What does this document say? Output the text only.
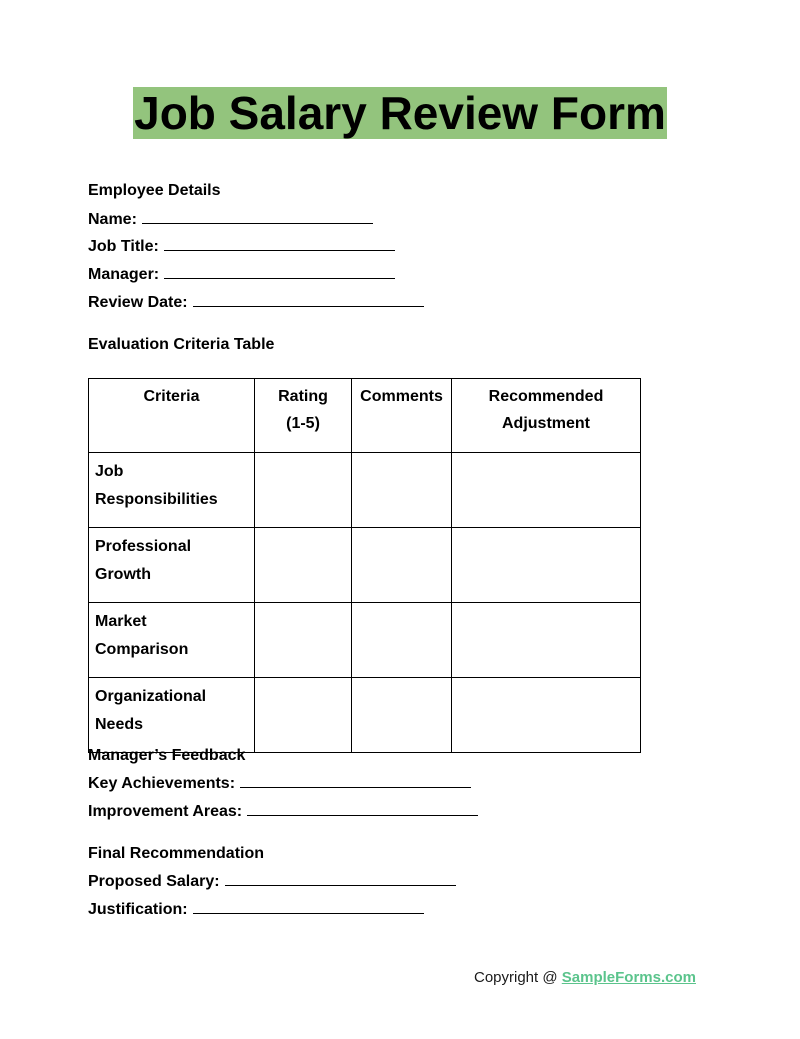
Job Salary Review Form
Employee Details
Name:
Job Title:
Manager:
Review Date:
Evaluation Criteria Table
Criteria	Rating (1-5)	Comments	Recommended Adjustment
Job Responsibilities			
Professional Growth			
Market Comparison			
Organizational Needs			
Manager’s Feedback
Key Achievements:
Improvement Areas:
Final Recommendation
Proposed Salary:
Justification:
Copyright @ SampleForms.com
